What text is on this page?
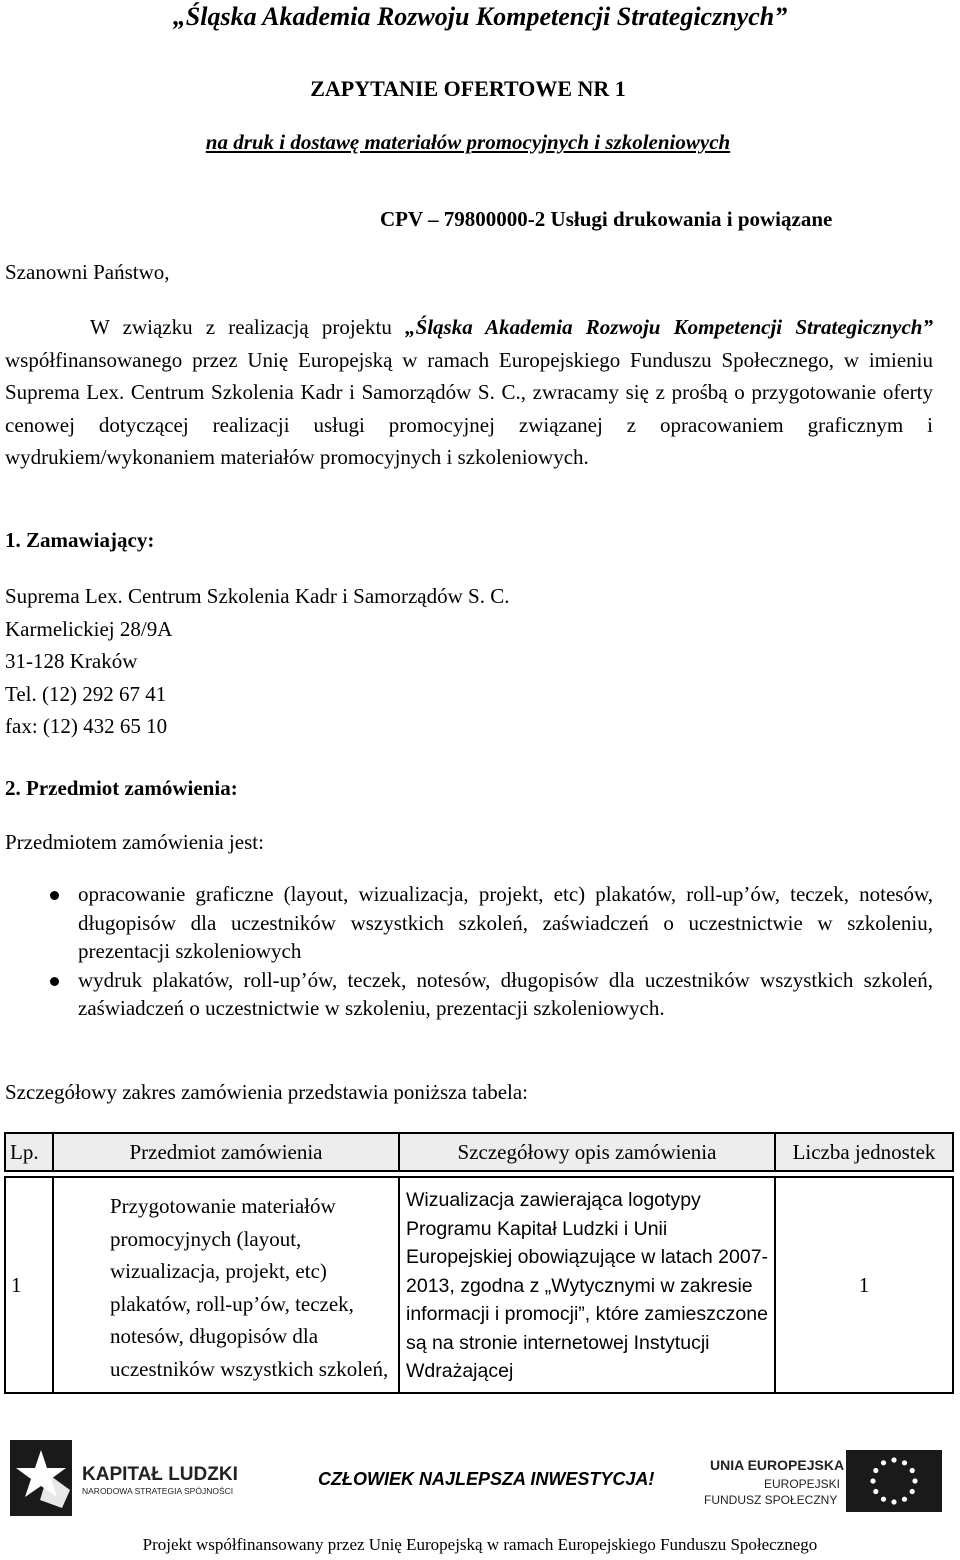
„Śląska Akademia Rozwoju Kompetencji Strategicznych”
ZAPYTANIE OFERTOWE NR 1
na druk i dostawę materiałów promocyjnych i szkoleniowych
CPV – 79800000-2 Usługi drukowania i powiązane
Szanowni Państwo,
W związku z realizacją projektu „Śląska Akademia Rozwoju Kompetencji Strategicznych” współfinansowanego przez Unię Europejską w ramach Europejskiego Funduszu Społecznego, w imieniu Suprema Lex. Centrum Szkolenia Kadr i Samorządów S. C., zwracamy się z prośbą o przygotowanie oferty cenowej dotyczącej realizacji usługi promocyjnej związanej z opracowaniem graficznym i wydrukiem/wykonaniem materiałów promocyjnych i szkoleniowych.
1. Zamawiający:
Suprema Lex. Centrum Szkolenia Kadr i Samorządów S. C.
Karmelickiej 28/9A
31-128 Kraków
Tel. (12) 292 67 41
fax: (12) 432 65 10
2. Przedmiot zamówienia:
Przedmiotem zamówienia jest:
opracowanie graficzne (layout, wizualizacja, projekt, etc) plakatów, roll-up’ów, teczek, notesów, długopisów dla uczestników wszystkich szkoleń, zaświadczeń o uczestnictwie w szkoleniu, prezentacji szkoleniowych
wydruk plakatów, roll-up’ów, teczek, notesów, długopisów dla uczestników wszystkich szkoleń, zaświadczeń o uczestnictwie w szkoleniu, prezentacji szkoleniowych.
Szczegółowy zakres zamówienia przedstawia poniższa tabela:
Lp.	Przedmiot zamówienia	Szczegółowy opis zamówienia	Liczba jednostek

1	Przygotowanie materiałów promocyjnych (layout, wizualizacja, projekt, etc) plakatów, roll-up’ów, teczek, notesów, długopisów dla uczestników wszystkich szkoleń,	Wizualizacja zawierająca logotypy Programu Kapitał Ludzki i Unii Europejskiej obowiązujące w latach 2007-2013, zgodna z „Wytycznymi w zakresie informacji i promocji”, które zamieszczone są na stronie internetowej Instytucji Wdrażającej	1
KAPITAŁ LUDZKI
NARODOWA STRATEGIA SPÓJNOŚCI
CZŁOWIEK NAJLEPSZA INWESTYCJA!
UNIA EUROPEJSKA
EUROPEJSKI
FUNDUSZ SPOŁECZNY
Projekt współfinansowany przez Unię Europejską w ramach Europejskiego Funduszu Społecznego
